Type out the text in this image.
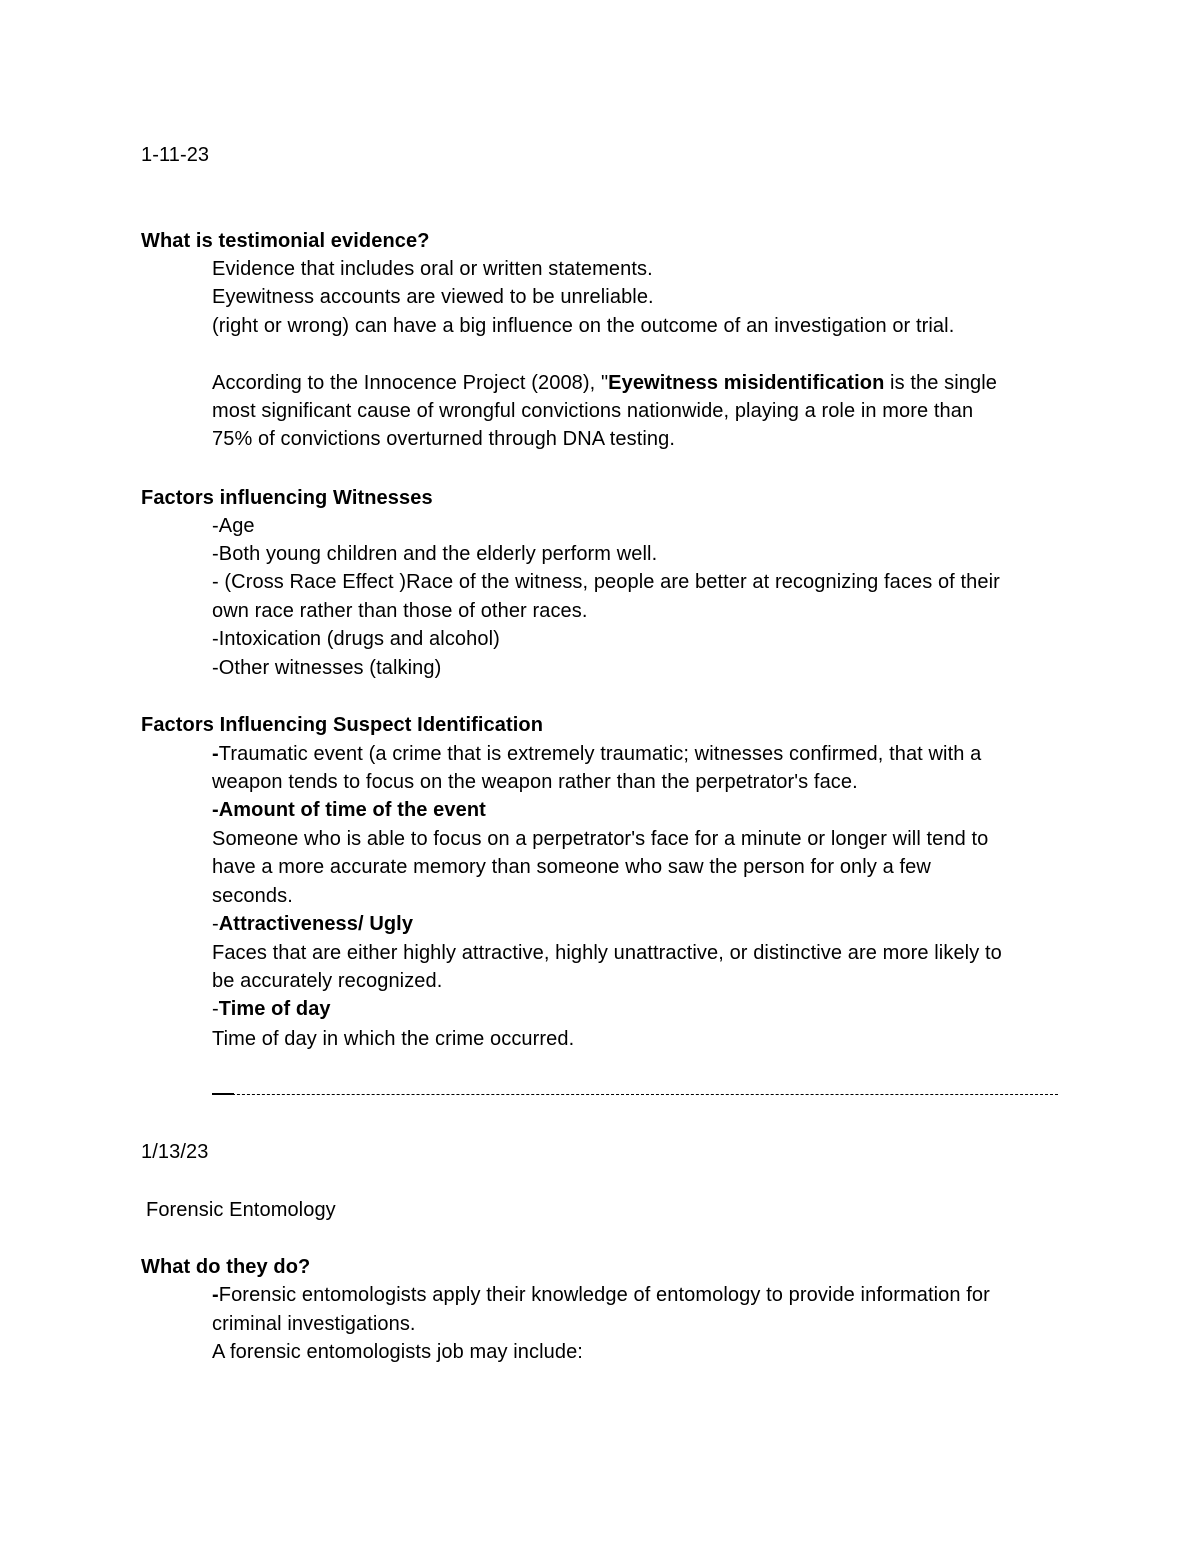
1-11-23
What is testimonial evidence?
Evidence that includes oral or written statements.
Eyewitness accounts are viewed to be unreliable.
(right or wrong) can have a big influence on the outcome of an investigation or trial.
According to the Innocence Project (2008), "Eyewitness misidentification is the single
most significant cause of wrongful convictions nationwide, playing a role in more than
75% of convictions overturned through DNA testing.
Factors influencing Witnesses
-Age
-Both young children and the elderly perform well.
- (Cross Race Effect )Race of the witness, people are better at recognizing faces of their
own race rather than those of other races.
-Intoxication (drugs and alcohol)
-Other witnesses (talking)
Factors Influencing Suspect Identification
-Traumatic event (a crime that is extremely traumatic; witnesses confirmed, that with a
weapon tends to focus on the weapon rather than the perpetrator's face.
-Amount of time of the event
Someone who is able to focus on a perpetrator's face for a minute or longer will tend to
have a more accurate memory than someone who saw the person for only a few
seconds.
-Attractiveness/ Ugly
Faces that are either highly attractive, highly unattractive, or distinctive are more likely to
be accurately recognized.
-Time of day
Time of day in which the crime occurred.
1/13/23
Forensic Entomology
What do they do?
-Forensic entomologists apply their knowledge of entomology to provide information for
criminal investigations.
A forensic entomologists job may include:
